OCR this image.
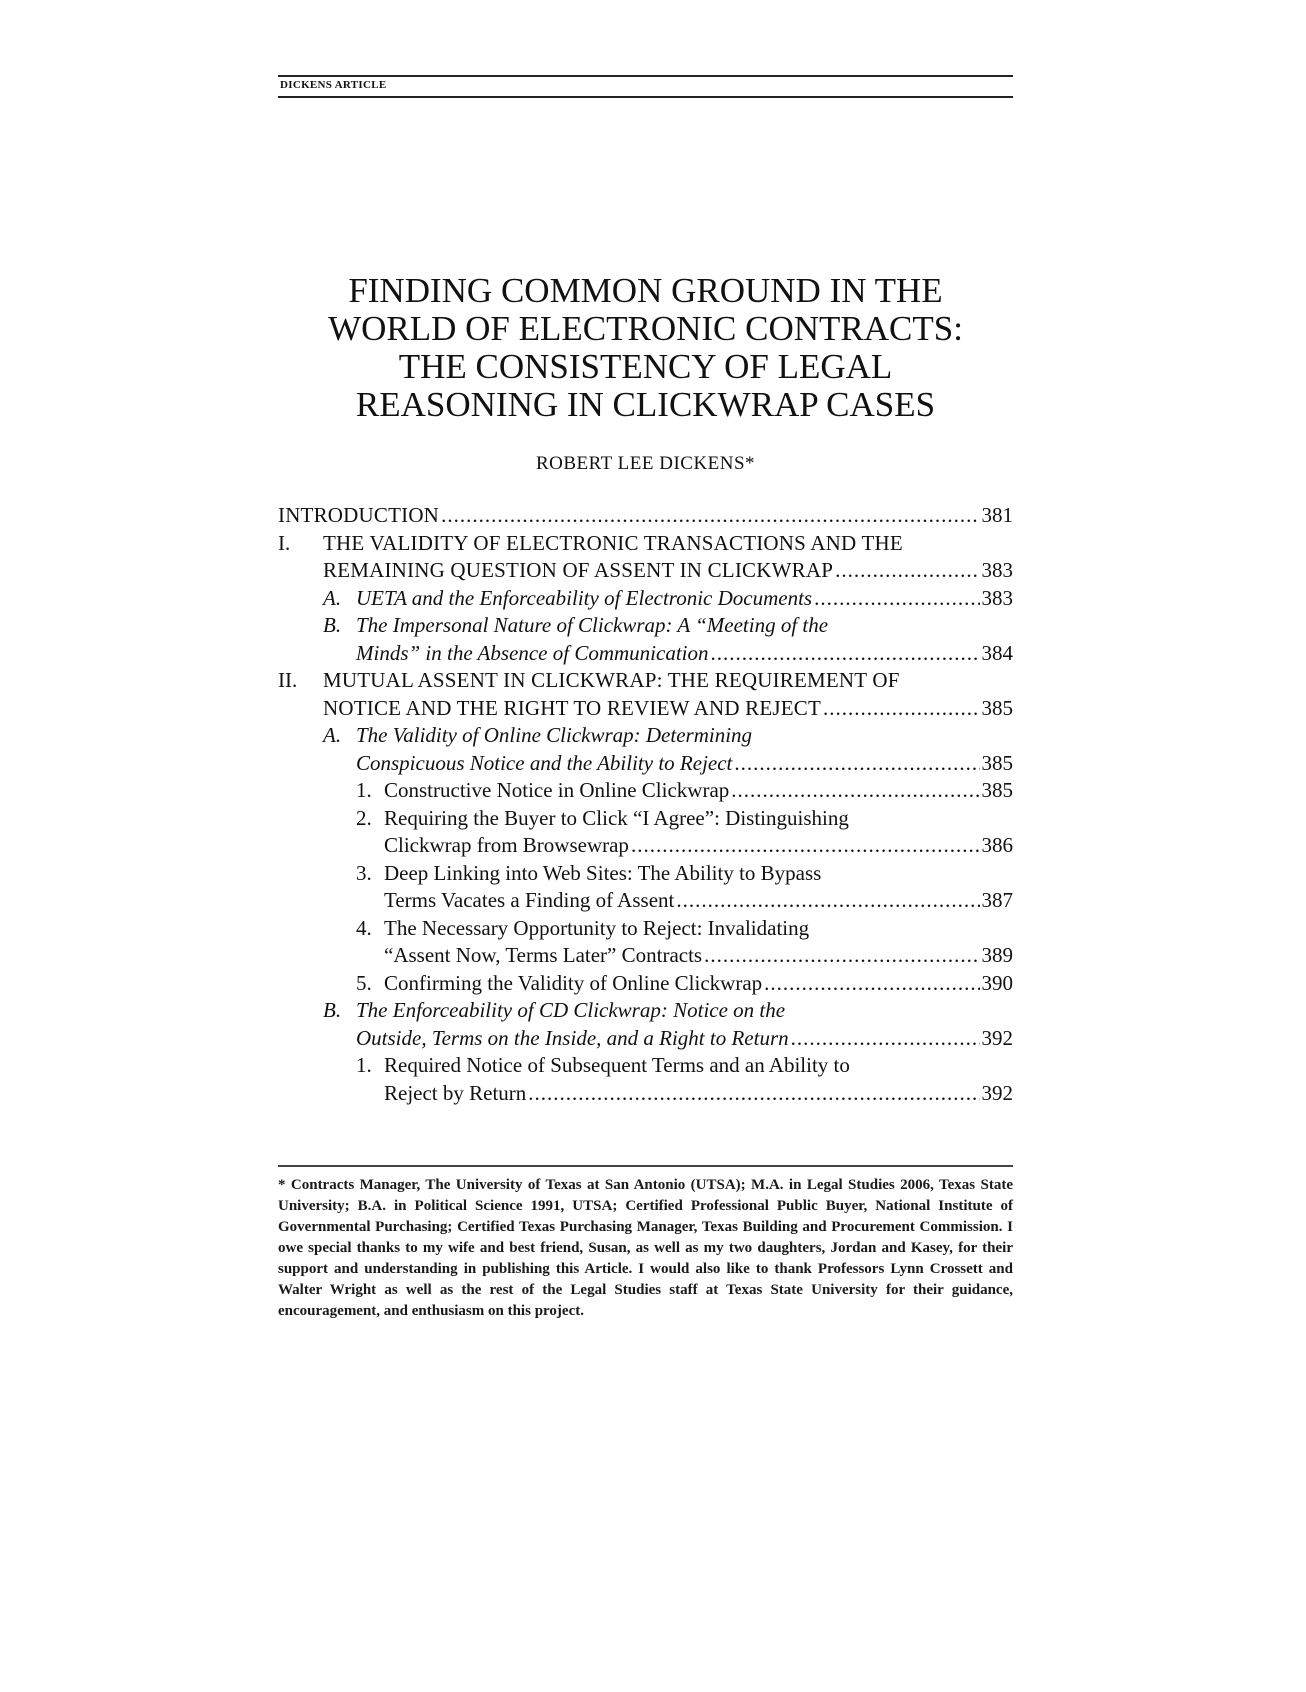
DICKENS ARTICLE
FINDING COMMON GROUND IN THE
WORLD OF ELECTRONIC CONTRACTS:
THE CONSISTENCY OF LEGAL
REASONING IN CLICKWRAP CASES
ROBERT LEE DICKENS*
INTRODUCTION .....	381
I.	THE VALIDITY OF ELECTRONIC TRANSACTIONS AND THE
REMAINING QUESTION OF ASSENT IN CLICKWRAP .....	383
A. UETA and the Enforceability of Electronic Documents .....	383
B. The Impersonal Nature of Clickwrap: A “Meeting of the
Minds” in the Absence of Communication .....	384
II.	MUTUAL ASSENT IN CLICKWRAP: THE REQUIREMENT OF
NOTICE AND THE RIGHT TO REVIEW AND REJECT .....	385
A. The Validity of Online Clickwrap: Determining
Conspicuous Notice and the Ability to Reject .....	385
1. Constructive Notice in Online Clickwrap .....	385
2. Requiring the Buyer to Click “I Agree”: Distinguishing
Clickwrap from Browsewrap .....	386
3. Deep Linking into Web Sites: The Ability to Bypass
Terms Vacates a Finding of Assent .....	387
4. The Necessary Opportunity to Reject: Invalidating
“Assent Now, Terms Later” Contracts .....	389
5. Confirming the Validity of Online Clickwrap .....	390
B. The Enforceability of CD Clickwrap: Notice on the
Outside, Terms on the Inside, and a Right to Return .....	392
1. Required Notice of Subsequent Terms and an Ability to
Reject by Return .....	392
* Contracts Manager, The University of Texas at San Antonio (UTSA); M.A. in Legal Studies 2006, Texas State University; B.A. in Political Science 1991, UTSA; Certified Professional Public Buyer, National Institute of Governmental Purchasing; Certified Texas Purchasing Manager, Texas Building and Procurement Commission. I owe special thanks to my wife and best friend, Susan, as well as my two daughters, Jordan and Kasey, for their support and understanding in publishing this Article. I would also like to thank Professors Lynn Crossett and Walter Wright as well as the rest of the Legal Studies staff at Texas State University for their guidance, encouragement, and enthusiasm on this project.
